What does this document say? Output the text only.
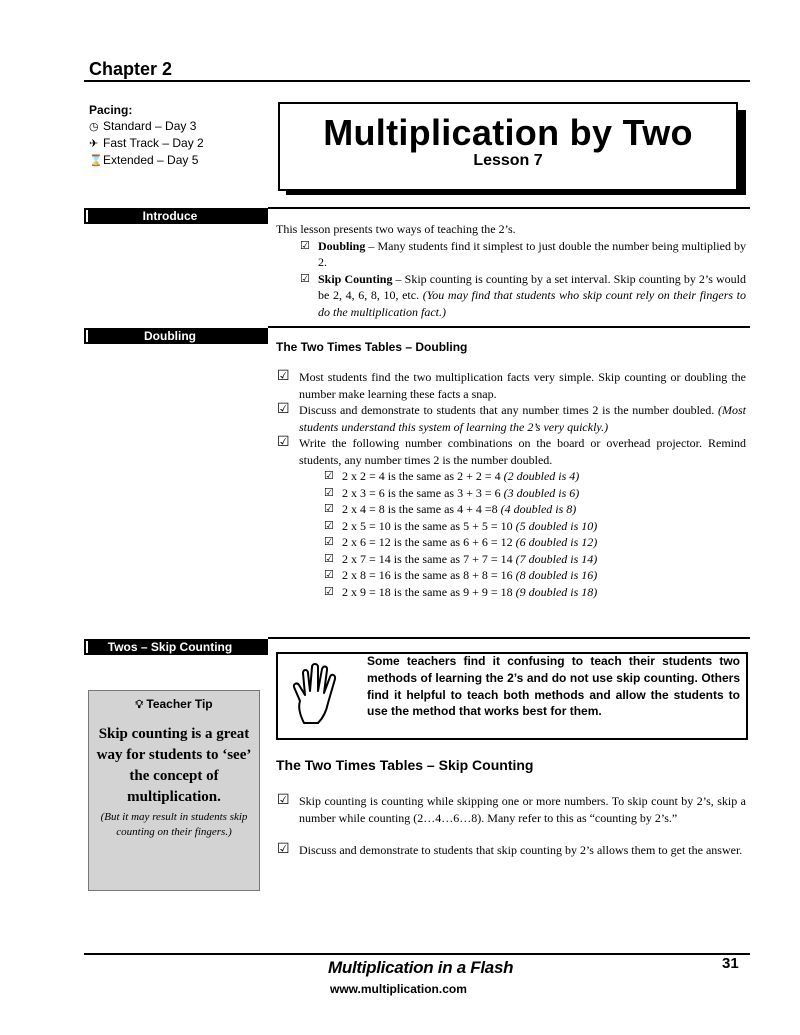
Chapter 2
Pacing:
◷ Standard – Day 3
✈ Fast Track – Day 2
⌛Extended – Day 5
Multiplication by Two
Lesson 7
Introduce
This lesson presents two ways of teaching the 2’s.
☑ Doubling – Many students find it simplest to just double the number being multiplied by 2.
☑ Skip Counting – Skip counting is counting by a set interval. Skip counting by 2’s would be 2, 4, 6, 8, 10, etc. (You may find that students who skip count rely on their fingers to do the multiplication fact.)
Doubling
The Two Times Tables – Doubling
☑ Most students find the two multiplication facts very simple. Skip counting or doubling the number make learning these facts a snap.
☑ Discuss and demonstrate to students that any number times 2 is the number doubled. (Most students understand this system of learning the 2’s very quickly.)
☑ Write the following number combinations on the board or overhead projector. Remind students, any number times 2 is the number doubled.
☑ 2 x 2 = 4 is the same as 2 + 2 = 4 (2 doubled is 4)
☑ 2 x 3 = 6 is the same as 3 + 3 = 6 (3 doubled is 6)
☑ 2 x 4 = 8 is the same as 4 + 4 =8 (4 doubled is 8)
☑ 2 x 5 = 10 is the same as 5 + 5 = 10 (5 doubled is 10)
☑ 2 x 6 = 12 is the same as 6 + 6 = 12 (6 doubled is 12)
☑ 2 x 7 = 14 is the same as 7 + 7 = 14 (7 doubled is 14)
☑ 2 x 8 = 16 is the same as 8 + 8 = 16 (8 doubled is 16)
☑ 2 x 9 = 18 is the same as 9 + 9 = 18 (9 doubled is 18)
Twos – Skip Counting
Some teachers find it confusing to teach their students two methods of learning the 2’s and do not use skip counting. Others find it helpful to teach both methods and allow the students to use the method that works best for them.
The Two Times Tables – Skip Counting
☑ Skip counting is counting while skipping one or more numbers. To skip count by 2’s, skip a number while counting (2…4…6…8). Many refer to this as “counting by 2’s.”
☑ Discuss and demonstrate to students that skip counting by 2’s allows them to get the answer.
💡︎ Teacher Tip
Skip counting is a great way for students to ‘see’ the concept of multiplication.
(But it may result in students skip counting on their fingers.)
Multiplication in a Flash
www.multiplication.com
31
